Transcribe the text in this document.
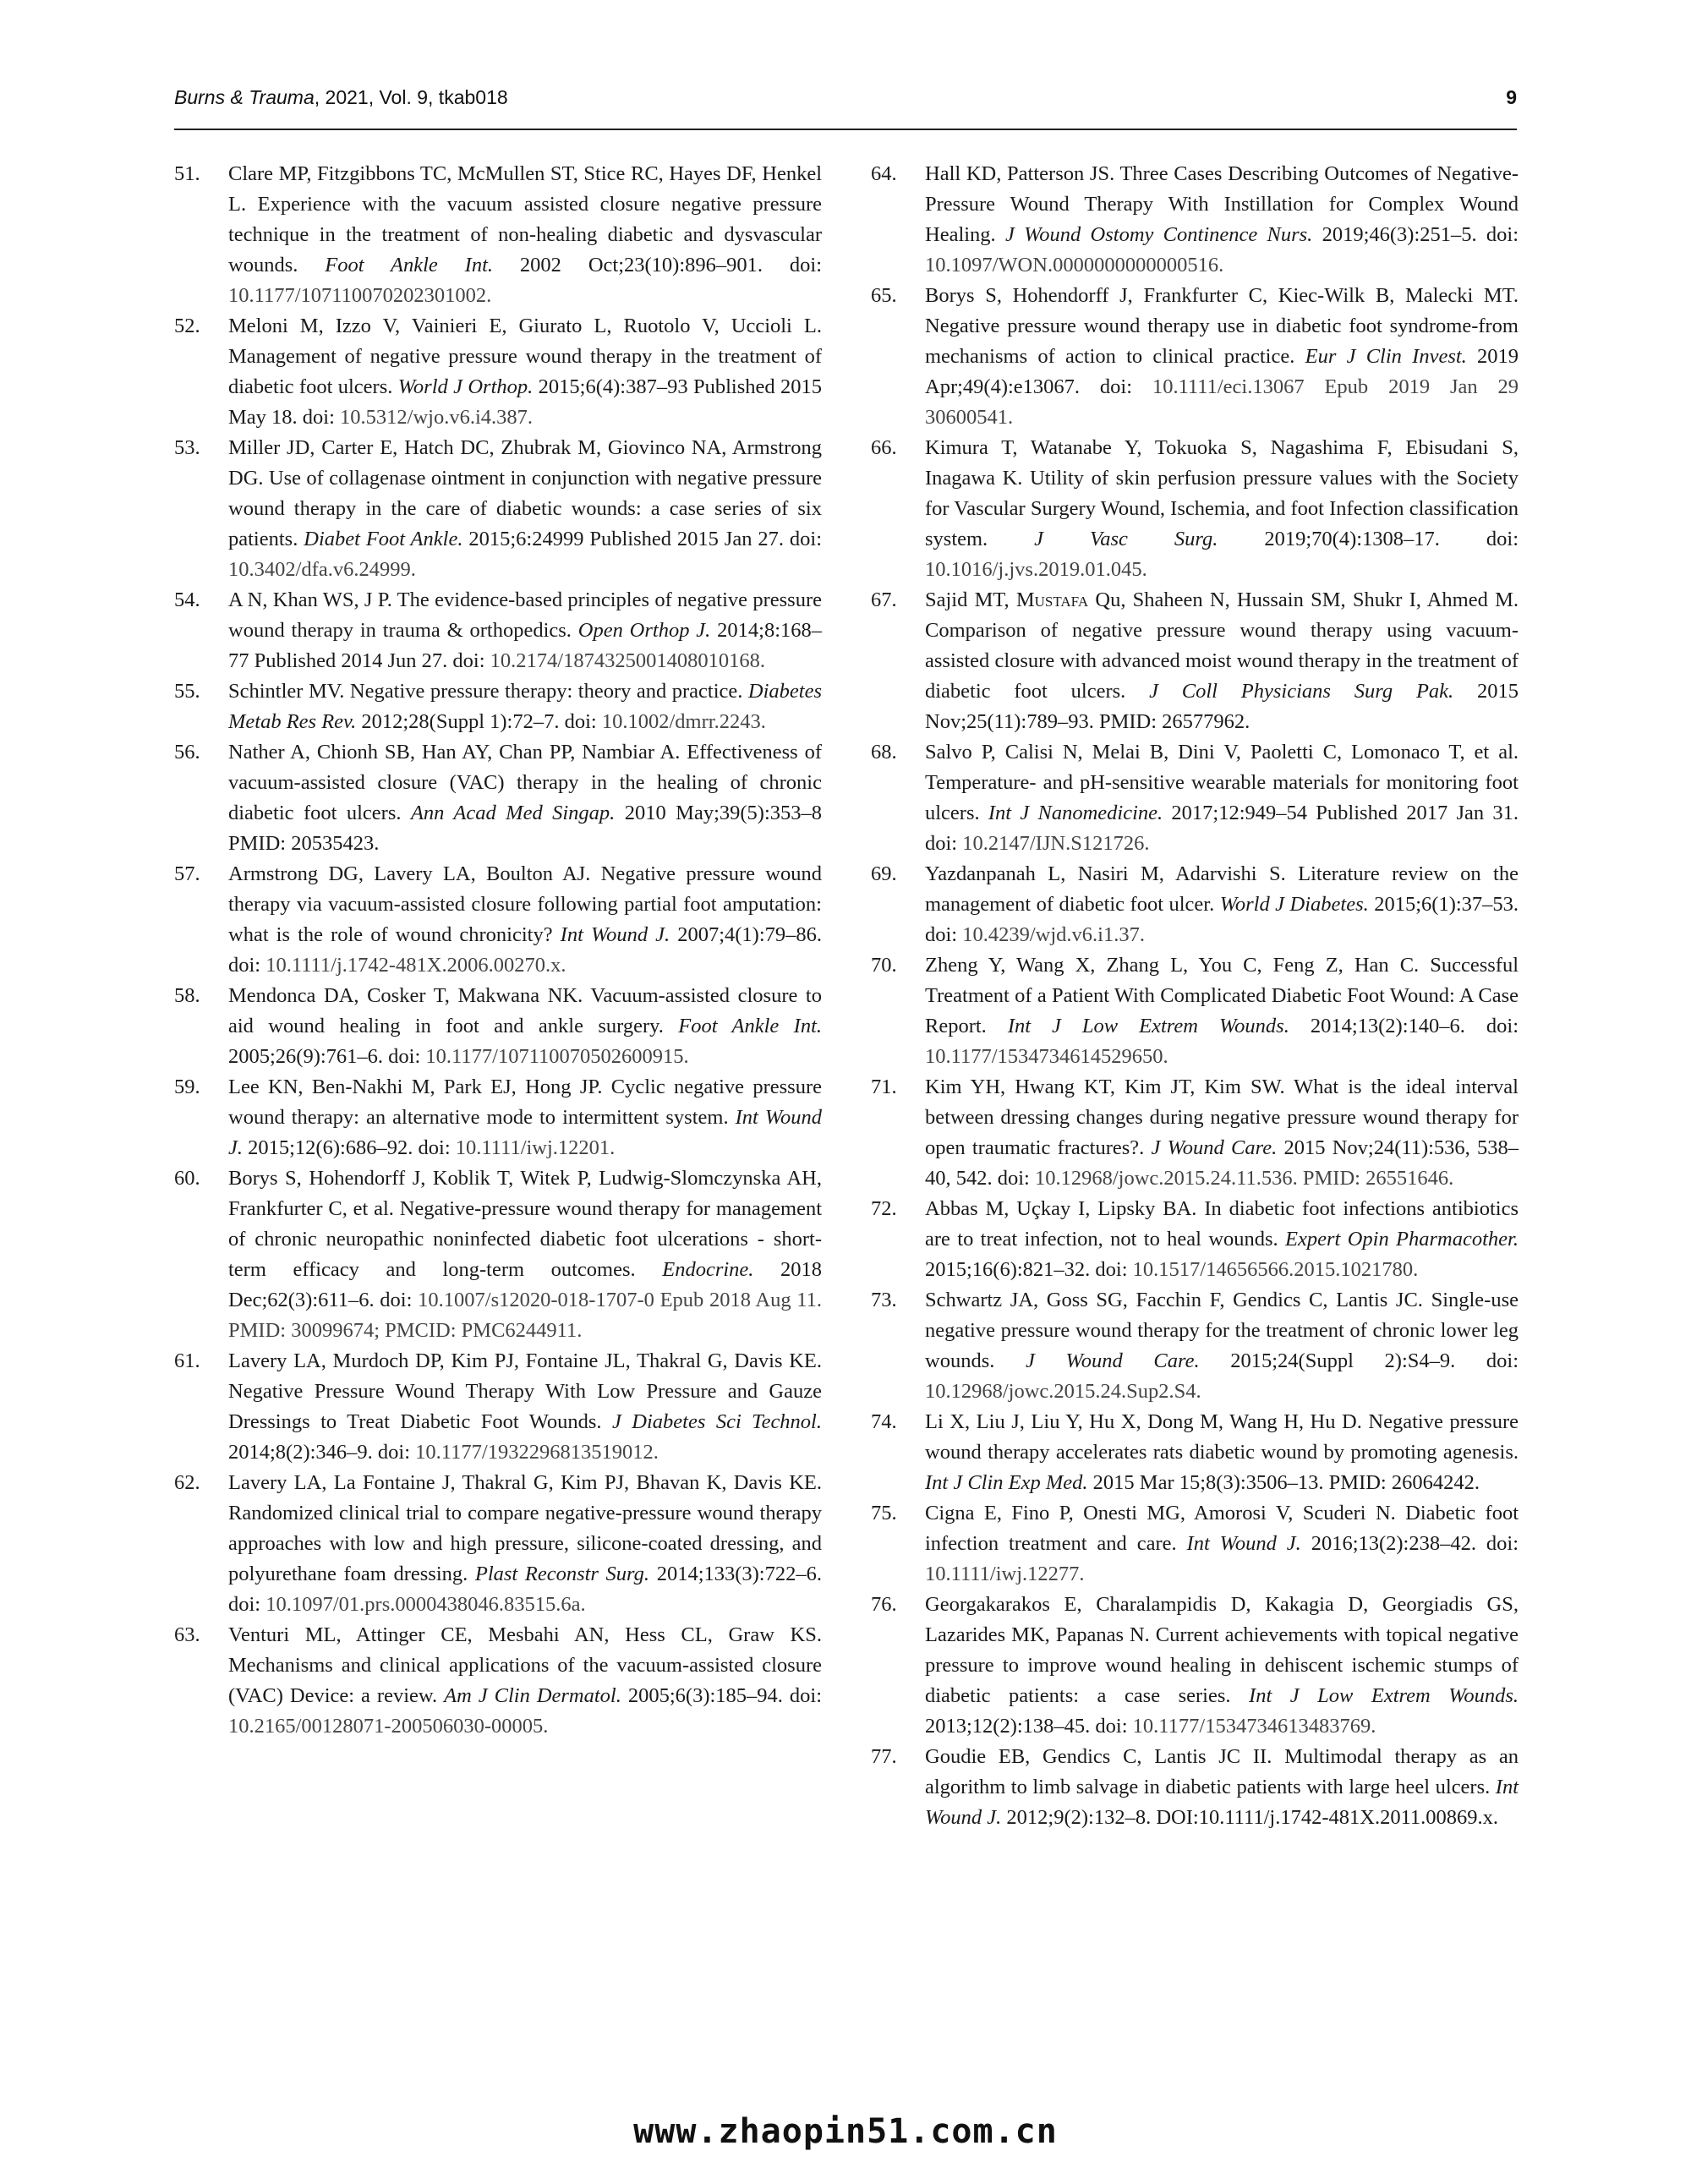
Burns & Trauma, 2021, Vol. 9, tkab018	9

51. Clare MP, Fitzgibbons TC, McMullen ST, Stice RC, Hayes DF, Henkel L. Experience with the vacuum assisted closure negative pressure technique in the treatment of non-healing diabetic and dysvascular wounds. Foot Ankle Int. 2002 Oct;23(10):896–901. doi: 10.1177/107110070202301002.

52. Meloni M, Izzo V, Vainieri E, Giurato L, Ruotolo V, Uccioli L. Management of negative pressure wound therapy in the treatment of diabetic foot ulcers. World J Orthop. 2015;6(4):387–93 Published 2015 May 18. doi: 10.5312/wjo.v6.i4.387.

53. Miller JD, Carter E, Hatch DC, Zhubrak M, Giovinco NA, Armstrong DG. Use of collagenase ointment in conjunction with negative pressure wound therapy in the care of diabetic wounds: a case series of six patients. Diabet Foot Ankle. 2015;6:24999 Published 2015 Jan 27. doi: 10.3402/dfa.v6.24999.

54. A N, Khan WS, J P. The evidence-based principles of negative pressure wound therapy in trauma & orthopedics. Open Orthop J. 2014;8:168–77 Published 2014 Jun 27. doi: 10.2174/1874325001408010168.

55. Schintler MV. Negative pressure therapy: theory and practice. Diabetes Metab Res Rev. 2012;28(Suppl 1):72–7. doi: 10.1002/dmrr.2243.

56. Nather A, Chionh SB, Han AY, Chan PP, Nambiar A. Effectiveness of vacuum-assisted closure (VAC) therapy in the healing of chronic diabetic foot ulcers. Ann Acad Med Singap. 2010 May;39(5):353–8 PMID: 20535423.

57. Armstrong DG, Lavery LA, Boulton AJ. Negative pressure wound therapy via vacuum-assisted closure following partial foot amputation: what is the role of wound chronicity? Int Wound J. 2007;4(1):79–86. doi: 10.1111/j.1742-481X.2006.00270.x.

58. Mendonca DA, Cosker T, Makwana NK. Vacuum-assisted closure to aid wound healing in foot and ankle surgery. Foot Ankle Int. 2005;26(9):761–6. doi: 10.1177/107110070502600915.

59. Lee KN, Ben-Nakhi M, Park EJ, Hong JP. Cyclic negative pressure wound therapy: an alternative mode to intermittent system. Int Wound J. 2015;12(6):686–92. doi: 10.1111/iwj.12201.

60. Borys S, Hohendorff J, Koblik T, Witek P, Ludwig-Slomczynska AH, Frankfurter C, et al. Negative-pressure wound therapy for management of chronic neuropathic noninfected diabetic foot ulcerations - short-term efficacy and long-term outcomes. Endocrine. 2018 Dec;62(3):611–6. doi: 10.1007/s12020-018-1707-0 Epub 2018 Aug 11. PMID: 30099674; PMCID: PMC6244911.

61. Lavery LA, Murdoch DP, Kim PJ, Fontaine JL, Thakral G, Davis KE. Negative Pressure Wound Therapy With Low Pressure and Gauze Dressings to Treat Diabetic Foot Wounds. J Diabetes Sci Technol. 2014;8(2):346–9. doi: 10.1177/1932296813519012.

62. Lavery LA, La Fontaine J, Thakral G, Kim PJ, Bhavan K, Davis KE. Randomized clinical trial to compare negative-pressure wound therapy approaches with low and high pressure, silicone-coated dressing, and polyurethane foam dressing. Plast Reconstr Surg. 2014;133(3):722–6. doi: 10.1097/01.prs.0000438046.83515.6a.

63. Venturi ML, Attinger CE, Mesbahi AN, Hess CL, Graw KS. Mechanisms and clinical applications of the vacuum-assisted closure (VAC) Device: a review. Am J Clin Dermatol. 2005;6(3):185–94. doi: 10.2165/00128071-200506030-00005.

64. Hall KD, Patterson JS. Three Cases Describing Outcomes of Negative-Pressure Wound Therapy With Instillation for Complex Wound Healing. J Wound Ostomy Continence Nurs. 2019;46(3):251–5. doi: 10.1097/WON.0000000000000516.

65. Borys S, Hohendorff J, Frankfurter C, Kiec-Wilk B, Malecki MT. Negative pressure wound therapy use in diabetic foot syndrome-from mechanisms of action to clinical practice. Eur J Clin Invest. 2019 Apr;49(4):e13067. doi: 10.1111/eci.13067 Epub 2019 Jan 29 30600541.

66. Kimura T, Watanabe Y, Tokuoka S, Nagashima F, Ebisudani S, Inagawa K. Utility of skin perfusion pressure values with the Society for Vascular Surgery Wound, Ischemia, and foot Infection classification system. J Vasc Surg. 2019;70(4):1308–17. doi: 10.1016/j.jvs.2019.01.045.

67. Sajid MT, Mustafa Qu, Shaheen N, Hussain SM, Shukr I, Ahmed M. Comparison of negative pressure wound therapy using vacuum-assisted closure with advanced moist wound therapy in the treatment of diabetic foot ulcers. J Coll Physicians Surg Pak. 2015 Nov;25(11):789–93. PMID: 26577962.

68. Salvo P, Calisi N, Melai B, Dini V, Paoletti C, Lomonaco T, et al. Temperature- and pH-sensitive wearable materials for monitoring foot ulcers. Int J Nanomedicine. 2017;12:949–54 Published 2017 Jan 31. doi: 10.2147/IJN.S121726.

69. Yazdanpanah L, Nasiri M, Adarvishi S. Literature review on the management of diabetic foot ulcer. World J Diabetes. 2015;6(1):37–53. doi: 10.4239/wjd.v6.i1.37.

70. Zheng Y, Wang X, Zhang L, You C, Feng Z, Han C. Successful Treatment of a Patient With Complicated Diabetic Foot Wound: A Case Report. Int J Low Extrem Wounds. 2014;13(2):140–6. doi: 10.1177/1534734614529650.

71. Kim YH, Hwang KT, Kim JT, Kim SW. What is the ideal interval between dressing changes during negative pressure wound therapy for open traumatic fractures?. J Wound Care. 2015 Nov;24(11):536, 538–40, 542. doi: 10.12968/jowc.2015.24.11.536. PMID: 26551646.

72. Abbas M, Uçkay I, Lipsky BA. In diabetic foot infections antibiotics are to treat infection, not to heal wounds. Expert Opin Pharmacother. 2015;16(6):821–32. doi: 10.1517/14656566.2015.1021780.

73. Schwartz JA, Goss SG, Facchin F, Gendics C, Lantis JC. Single-use negative pressure wound therapy for the treatment of chronic lower leg wounds. J Wound Care. 2015;24(Suppl 2):S4–9. doi: 10.12968/jowc.2015.24.Sup2.S4.

74. Li X, Liu J, Liu Y, Hu X, Dong M, Wang H, Hu D. Negative pressure wound therapy accelerates rats diabetic wound by promoting agenesis. Int J Clin Exp Med. 2015 Mar 15;8(3):3506–13. PMID: 26064242.

75. Cigna E, Fino P, Onesti MG, Amorosi V, Scuderi N. Diabetic foot infection treatment and care. Int Wound J. 2016;13(2):238–42. doi: 10.1111/iwj.12277.

76. Georgakarakos E, Charalampidis D, Kakagia D, Georgiadis GS, Lazarides MK, Papanas N. Current achievements with topical negative pressure to improve wound healing in dehiscent ischemic stumps of diabetic patients: a case series. Int J Low Extrem Wounds. 2013;12(2):138–45. doi: 10.1177/1534734613483769.

77. Goudie EB, Gendics C, Lantis JC II. Multimodal therapy as an algorithm to limb salvage in diabetic patients with large heel ulcers. Int Wound J. 2012;9(2):132–8. DOI:10.1111/j.1742-481X.2011.00869.x.

www.zhaopin51.com.cn
